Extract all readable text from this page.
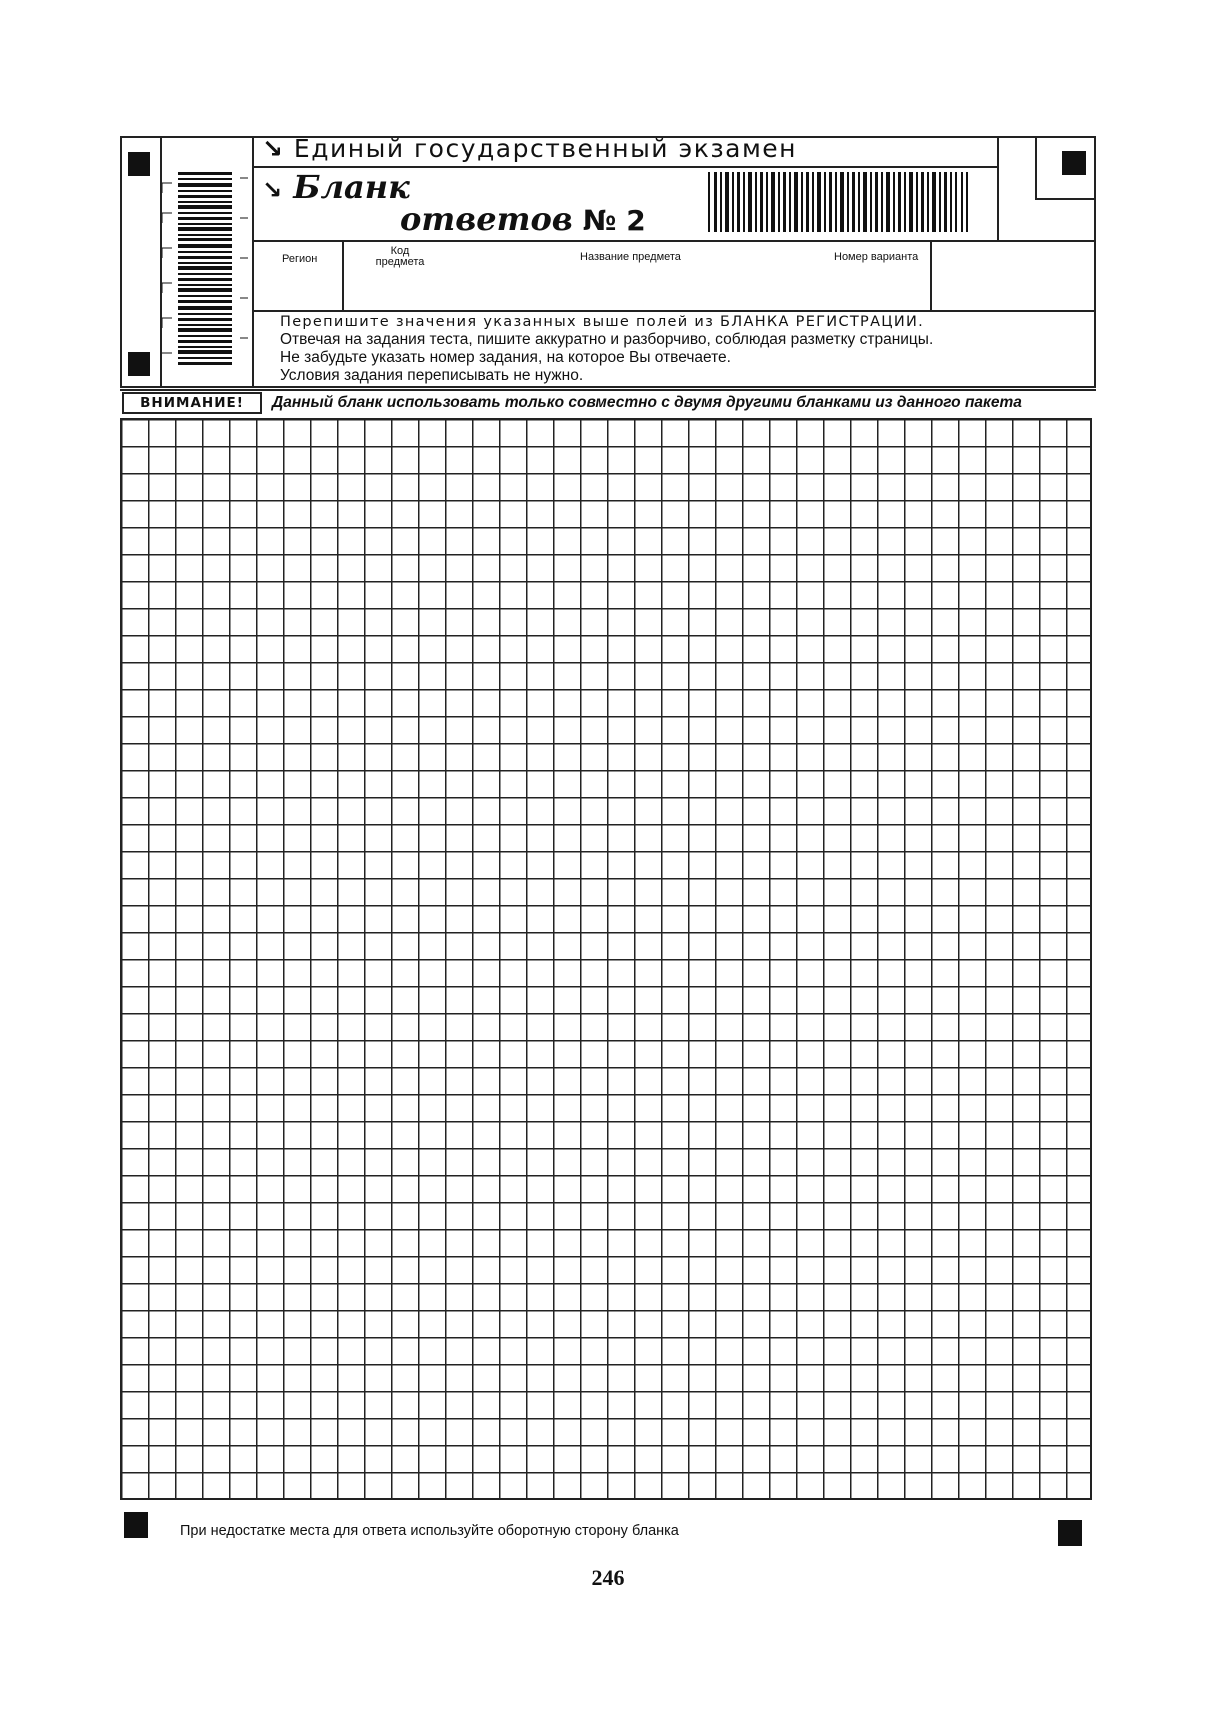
↘ Единый государственный экзамен
↘ Бланк
ответов № 2
Регион
Код
предмета	Название предмета	Номер варианта
Перепишите значения указанных выше полей из БЛАНКА РЕГИСТРАЦИИ.
Отвечая на задания теста, пишите аккуратно и разборчиво, соблюдая разметку страницы.
Не забудьте указать номер задания, на которое Вы отвечаете.
Условия задания переписывать не нужно.
ВНИМАНИЕ!	Данный бланк использовать только совместно с двумя другими бланками из данного пакета
При недостатке места для ответа используйте оборотную сторону бланка
246
